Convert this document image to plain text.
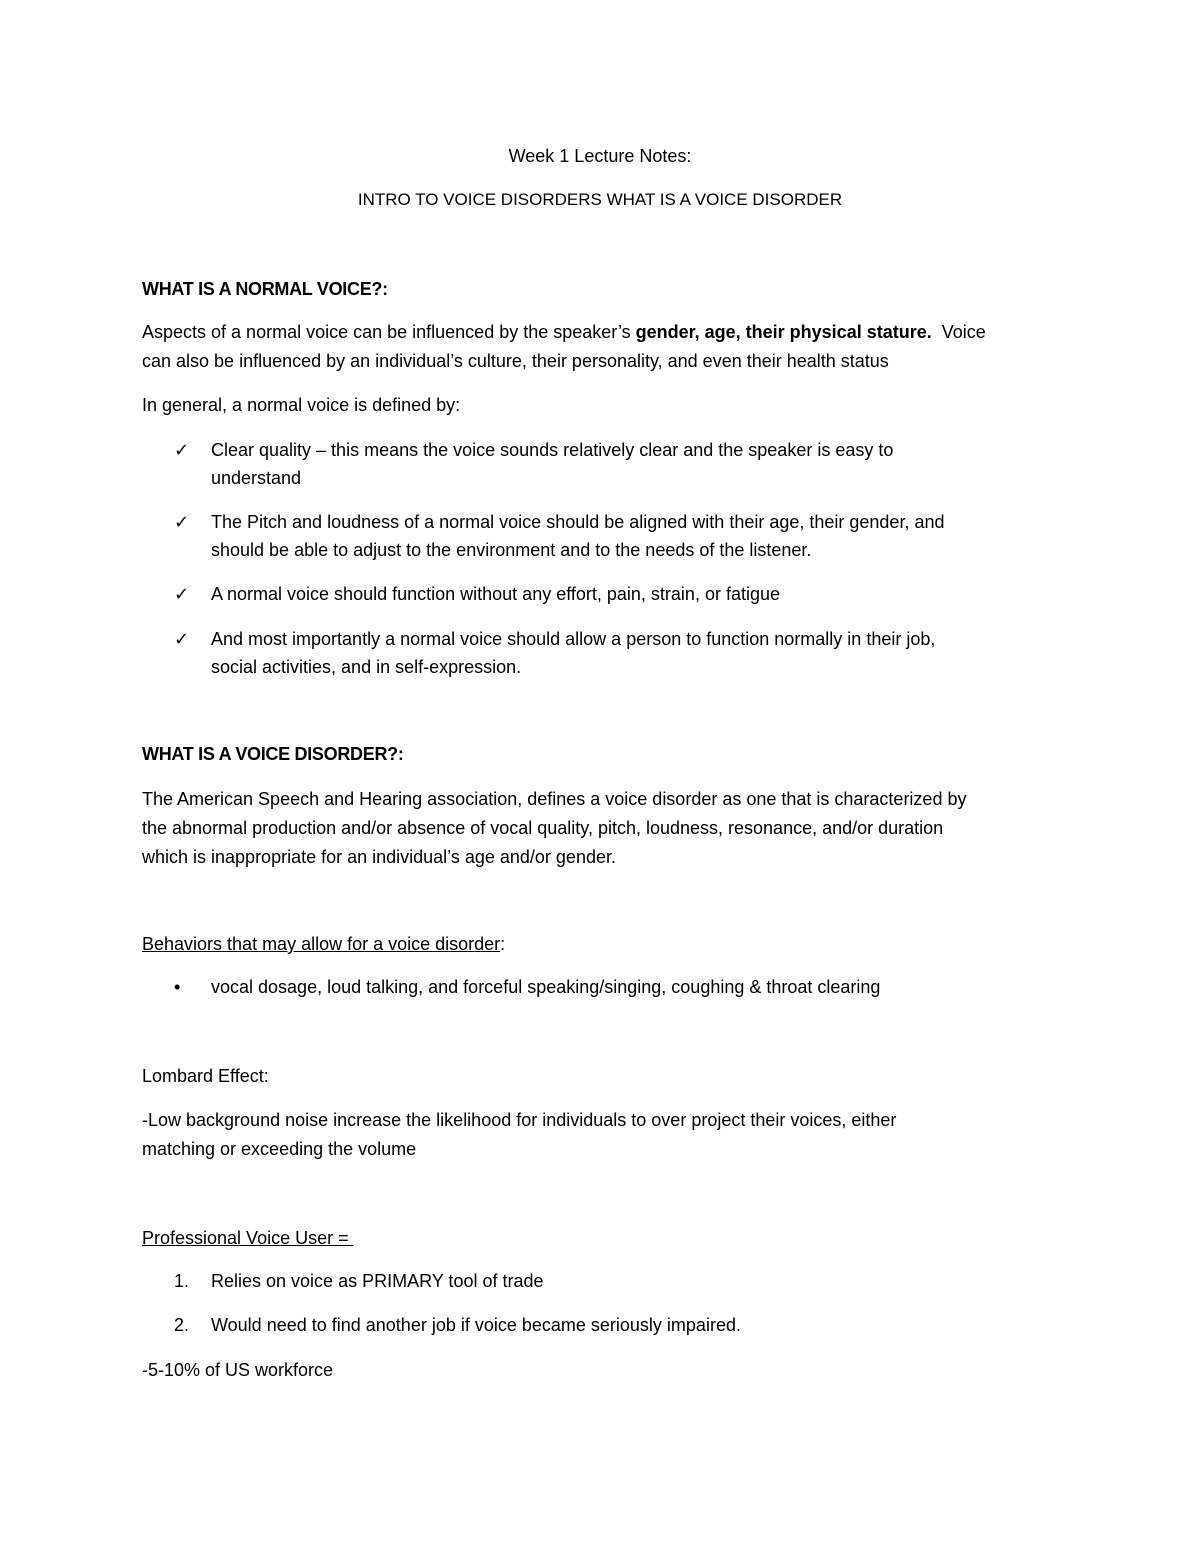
Week 1 Lecture Notes:
INTRO TO VOICE DISORDERS WHAT IS A VOICE DISORDER
WHAT IS A NORMAL VOICE?:
Aspects of a normal voice can be influenced by the speaker’s gender, age, their physical stature.  Voice
can also be influenced by an individual’s culture, their personality, and even their health status
In general, a normal voice is defined by:
✓	Clear quality – this means the voice sounds relatively clear and the speaker is easy to
understand
✓	The Pitch and loudness of a normal voice should be aligned with their age, their gender, and
should be able to adjust to the environment and to the needs of the listener.
✓	A normal voice should function without any effort, pain, strain, or fatigue
✓	And most importantly a normal voice should allow a person to function normally in their job,
social activities, and in self-expression.
WHAT IS A VOICE DISORDER?:
The American Speech and Hearing association, defines a voice disorder as one that is characterized by
the abnormal production and/or absence of vocal quality, pitch, loudness, resonance, and/or duration
which is inappropriate for an individual’s age and/or gender.
Behaviors that may allow for a voice disorder:
•	vocal dosage, loud talking, and forceful speaking/singing, coughing & throat clearing
Lombard Effect:
-Low background noise increase the likelihood for individuals to over project their voices, either
matching or exceeding the volume
Professional Voice User =
1.	Relies on voice as PRIMARY tool of trade
2.	Would need to find another job if voice became seriously impaired.
-5-10% of US workforce
